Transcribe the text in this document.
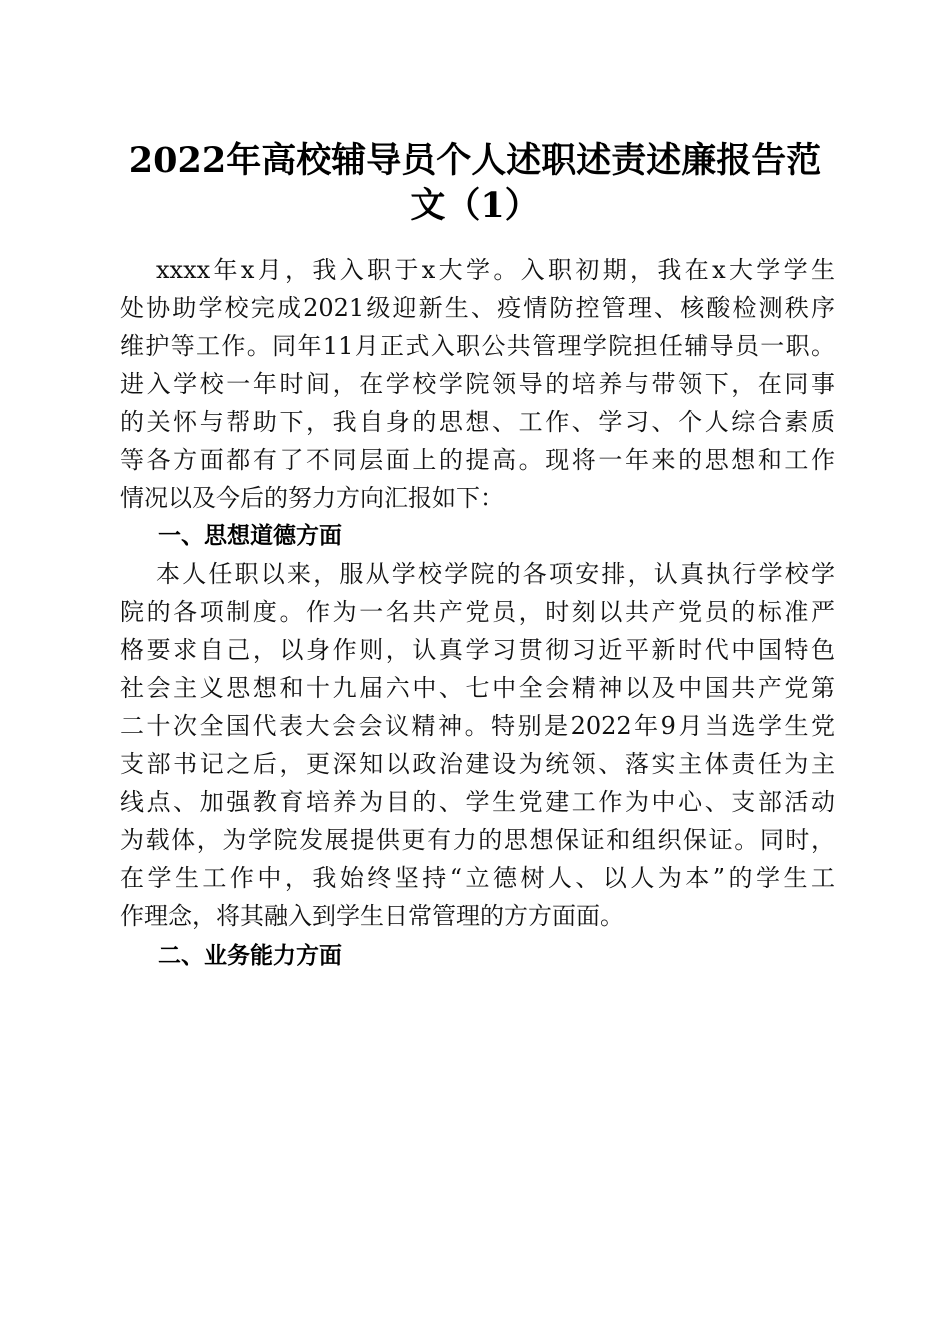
2022年高校辅导员个人述职述责述廉报告范
文（1）
xxxx年x月，我入职于x大学。入职初期，我在x大学学生
处协助学校完成2021级迎新生、疫情防控管理、核酸检测秩序
维护等工作。同年11月正式入职公共管理学院担任辅导员一职。
进入学校一年时间，在学校学院领导的培养与带领下，在同事
的关怀与帮助下，我自身的思想、工作、学习、个人综合素质
等各方面都有了不同层面上的提高。现将一年来的思想和工作
情况以及今后的努力方向汇报如下：
一、思想道德方面
本人任职以来，服从学校学院的各项安排，认真执行学校学
院的各项制度。作为一名共产党员，时刻以共产党员的标准严
格要求自己，以身作则，认真学习贯彻习近平新时代中国特色
社会主义思想和十九届六中、七中全会精神以及中国共产党第
二十次全国代表大会会议精神。特别是2022年9月当选学生党
支部书记之后，更深知以政治建设为统领、落实主体责任为主
线点、加强教育培养为目的、学生党建工作为中心、支部活动
为载体，为学院发展提供更有力的思想保证和组织保证。同时，
在学生工作中，我始终坚持“立德树人、以人为本”的学生工
作理念，将其融入到学生日常管理的方方面面。
二、业务能力方面
